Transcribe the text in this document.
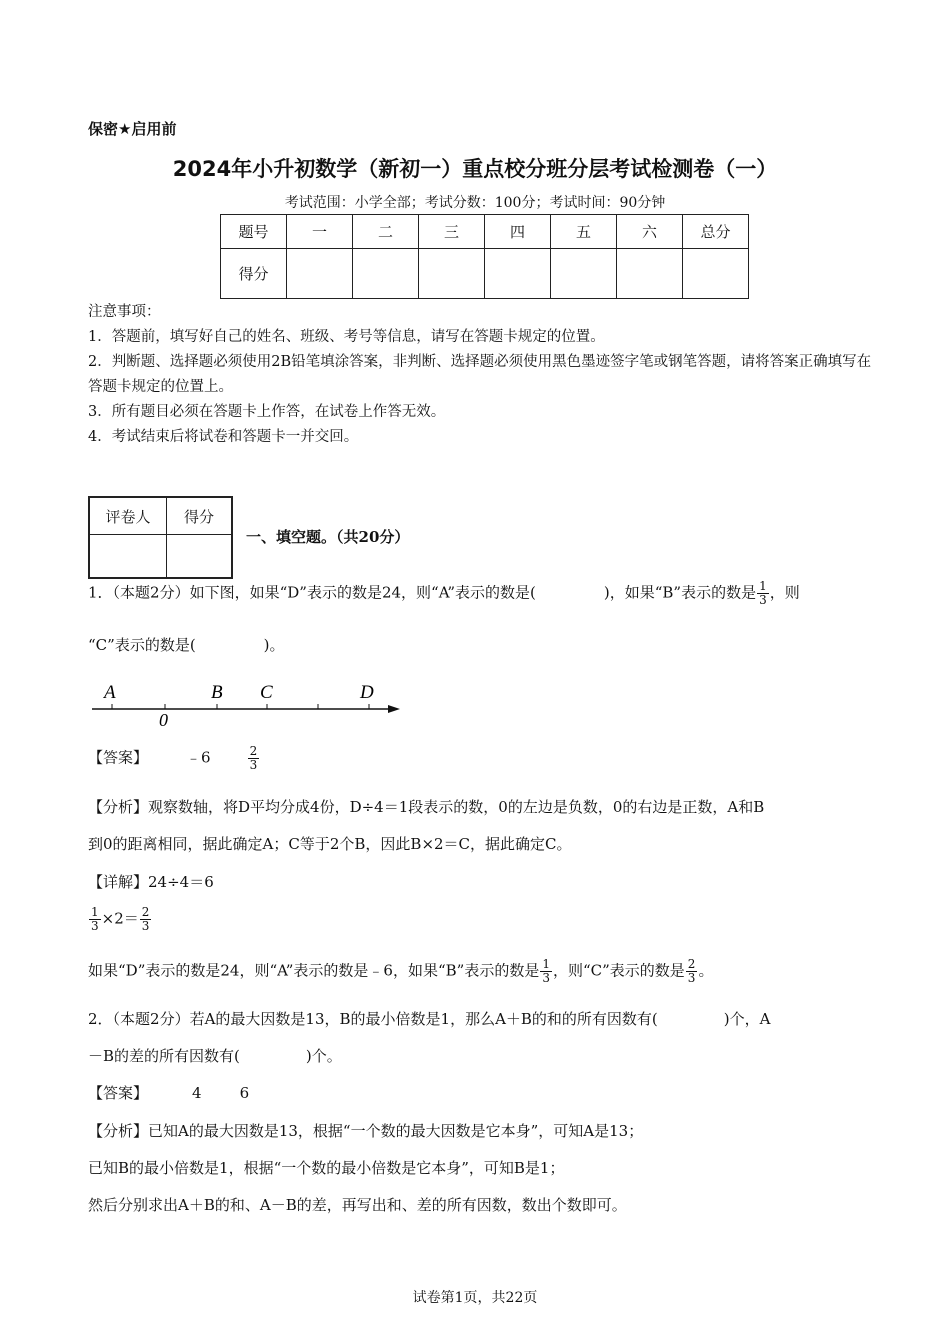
保密★启用前
2024年小升初数学（新初一）重点校分班分层考试检测卷（一）
考试范围：小学全部；考试分数：100分；考试时间：90分钟
题号	一	二	三	四	五	六	总分
得分							

注意事项：

1．答题前，填写好自己的姓名、班级、考号等信息，请写在答题卡规定的位置。

2．判断题、选择题必须使用2B铅笔填涂答案，非判断、选择题必须使用黑色墨迹签字笔或钢笔答题，请将答案正确填写在答题卡规定的位置上。

3．所有题目必须在答题卡上作答，在试卷上作答无效。

4．考试结束后将试卷和答题卡一并交回。

评卷人	得分

一、填空题。（共20分）
1．（本题2分）如下图，如果“D”表示的数是24，则“A”表示的数是(	)，如果“B”表示的数是 $\frac{1}{3}$ ，则
“C”表示的数是(	)。
A	B C	D
0
【答案】	﹣6	$\frac{2}{3}$
【分析】观察数轴，将D平均分成4份，D÷4＝1段表示的数，0的左边是负数，0的右边是正数，A和B
到0的距离相同，据此确定A；C等于2个B，因此B×2＝C，据此确定C。
【详解】24÷4＝6
$\frac{1}{3} \times 2= \frac{2}{3}$
如果“D”表示的数是24，则“A”表示的数是﹣6，如果“B”表示的数是 $\frac{1}{3}$ ，则“C”表示的数是 $\frac{2}{3}$ 。
2．（本题2分）若A的最大因数是13，B的最小倍数是1，那么A＋B的和的所有因数有(	)个，A
－B的差的所有因数有(	)个。
【答案】	4	6
【分析】已知A的最大因数是13，根据“一个数的最大因数是它本身”，可知A是13；
已知B的最小倍数是1，根据“一个数的最小倍数是它本身”，可知B是1；
然后分别求出A＋B的和、A－B的差，再写出和、差的所有因数，数出个数即可。
试卷第1页，共22页
